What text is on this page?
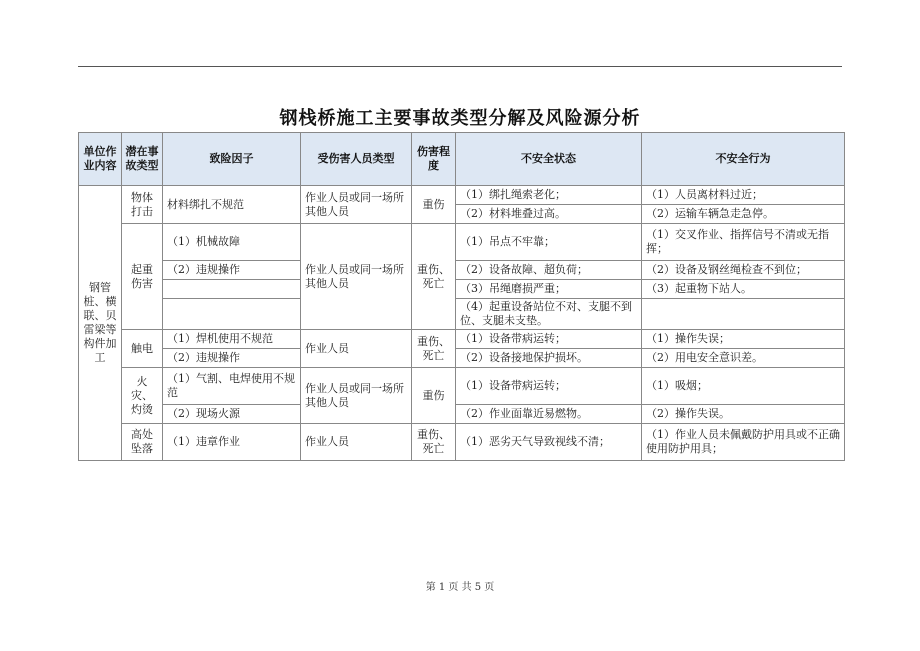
钢栈桥施工主要事故类型分解及风险源分析
单位作业内容	潜在事故类型	致险因子	受伤害人员类型	伤害程度	不安全状态	不安全行为
钢管桩、横联、贝雷梁等构件加工	物体打击	材料绑扎不规范	作业人员或同一场所其他人员	重伤	（1）绑扎绳索老化；	（1）人员离材料过近；
					（2）材料堆叠过高。	（2）运输车辆急走急停。
	起重伤害	（1）机械故障	作业人员或同一场所其他人员	重伤、死亡	（1）吊点不牢靠；	（1）交叉作业、指挥信号不清或无指挥；
		（2）违规操作			（2）设备故障、超负荷；	（2）设备及钢丝绳检查不到位；
					（3）吊绳磨损严重；	（3）起重物下站人。
					（4）起重设备站位不对、支腿不到位、支腿未支垫。	

	触电	（1）焊机使用不规范	作业人员	重伤、死亡	（1）设备带病运转；	（1）操作失误；
		（2）违规操作			（2）设备接地保护损坏。	（2）用电安全意识差。
	火灾、灼烫	（1）气割、电焊使用不规范	作业人员或同一场所其他人员	重伤	（1）设备带病运转；	（1）吸烟；
		（2）现场火源			（2）作业面靠近易燃物。	（2）操作失误。
	高处坠落	（1）违章作业	作业人员	重伤、死亡	（1）恶劣天气导致视线不清；	（1）作业人员未佩戴防护用具或不正确使用防护用具；
第 1 页 共 5 页
